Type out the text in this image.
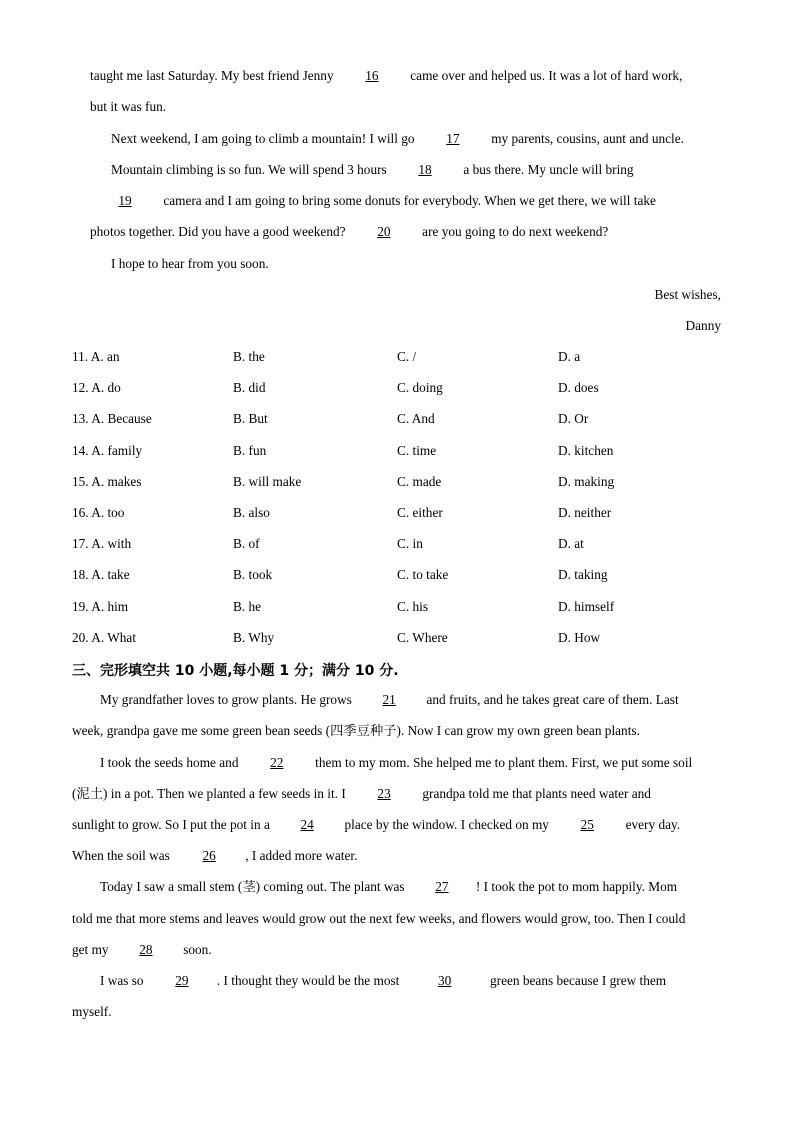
taught me last Saturday. My best friend Jenny 16 came over and helped us. It was a lot of hard work,
but it was fun.
Next weekend, I am going to climb a mountain! I will go 17 my parents, cousins, aunt and uncle.
Mountain climbing is so fun. We will spend 3 hours 18 a bus there. My uncle will bring
19 camera and I am going to bring some donuts for everybody. When we get there, we will take
photos together. Did you have a good weekend? 20 are you going to do next weekend?
I hope to hear from you soon.
Best wishes,
Danny
11. A. an	B. the	C. /	D. a
12. A. do	B. did	C. doing	D. does
13. A. Because	B. But	C. And	D. Or
14. A. family	B. fun	C. time	D. kitchen
15. A. makes	B. will make	C. made	D. making
16. A. too	B. also	C. either	D. neither
17. A. with	B. of	C. in	D. at
18. A. take	B. took	C. to take	D. taking
19. A. him	B. he	C. his	D. himself
20. A. What	B. Why	C. Where	D. How
三、完形填空共 10 小题,每小题 1 分；满分 10 分.
My grandfather loves to grow plants. He grows 21 and fruits, and he takes great care of them. Last
week, grandpa gave me some green bean seeds (四季豆种子). Now I can grow my own green bean plants.
I took the seeds home and 22 them to my mom. She helped me to plant them. First, we put some soil
(泥土) in a pot. Then we planted a few seeds in it. I 23 grandpa told me that plants need water and
sunlight to grow. So I put the pot in a 24 place by the window. I checked on my 25 every day.
When the soil was 26 , I added more water.
Today I saw a small stem (茎) coming out. The plant was 27 ! I took the pot to mom happily. Mom
told me that more stems and leaves would grow out the next few weeks, and flowers would grow, too. Then I could
get my 28 soon.
I was so 29 . I thought they would be the most	30	green beans because I grew them
myself.
